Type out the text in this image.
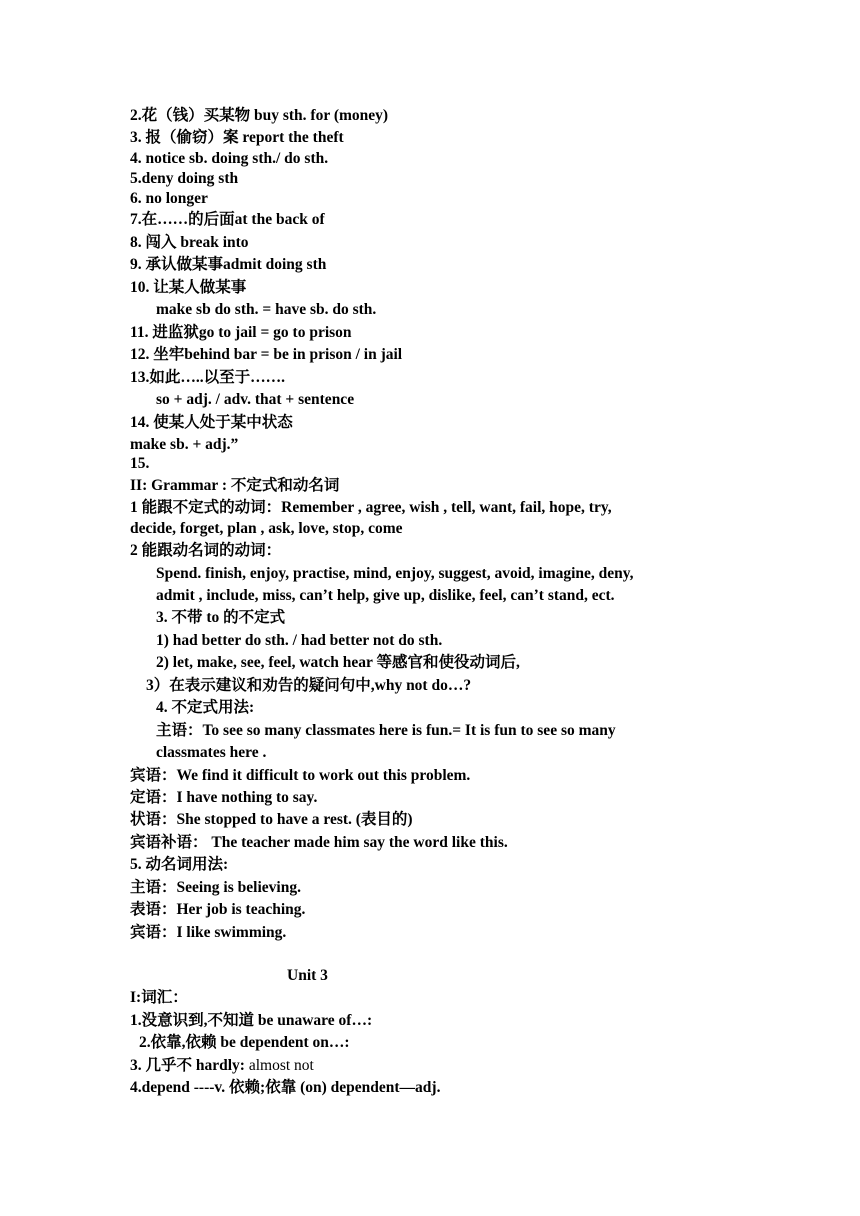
2.花（钱）买某物 buy sth. for (money)
3. 报（偷窃）案 report the theft
4. notice sb. doing sth./ do sth.
5.deny doing sth
6. no longer
7.在……的后面at the back of
8. 闯入 break into
9. 承认做某事admit doing sth
10. 让某人做某事
make sb do sth. = have sb. do sth.
11. 进监狱go to jail = go to prison
12. 坐牢behind bar = be in prison / in jail
13.如此…..以至于…….
so + adj. / adv. that + sentence
14. 使某人处于某中状态
make sb. + adj.”
15.
II: Grammar : 不定式和动名词
1 能跟不定式的动词：Remember , agree, wish , tell, want, fail, hope, try,
decide, forget, plan , ask, love, stop, come
2 能跟动名词的动词：
Spend. finish, enjoy, practise, mind, enjoy, suggest, avoid, imagine, deny,
admit , include, miss, can’t help, give up, dislike, feel, can’t stand, ect.
3. 不带 to 的不定式
1) had better do sth. / had better not do sth.
2) let, make, see, feel, watch hear 等感官和使役动词后,
3）在表示建议和劝告的疑问句中,why not do…?
4. 不定式用法:
主语：To see so many classmates here is fun.= It is fun to see so many
classmates here .
宾语：We find it difficult to work out this problem.
定语：I have nothing to say.
状语：She stopped to have a rest. (表目的)
宾语补语： The teacher made him say the word like this.
5. 动名词用法:
主语：Seeing is believing.
表语：Her job is teaching.
宾语：I like swimming.
Unit 3
I:词汇：
1.没意识到,不知道 be unaware of…:
2.依靠,依赖 be dependent on…:
3. 几乎不 hardly: almost not
4.depend ----v. 依赖;依靠 (on) dependent—adj.
